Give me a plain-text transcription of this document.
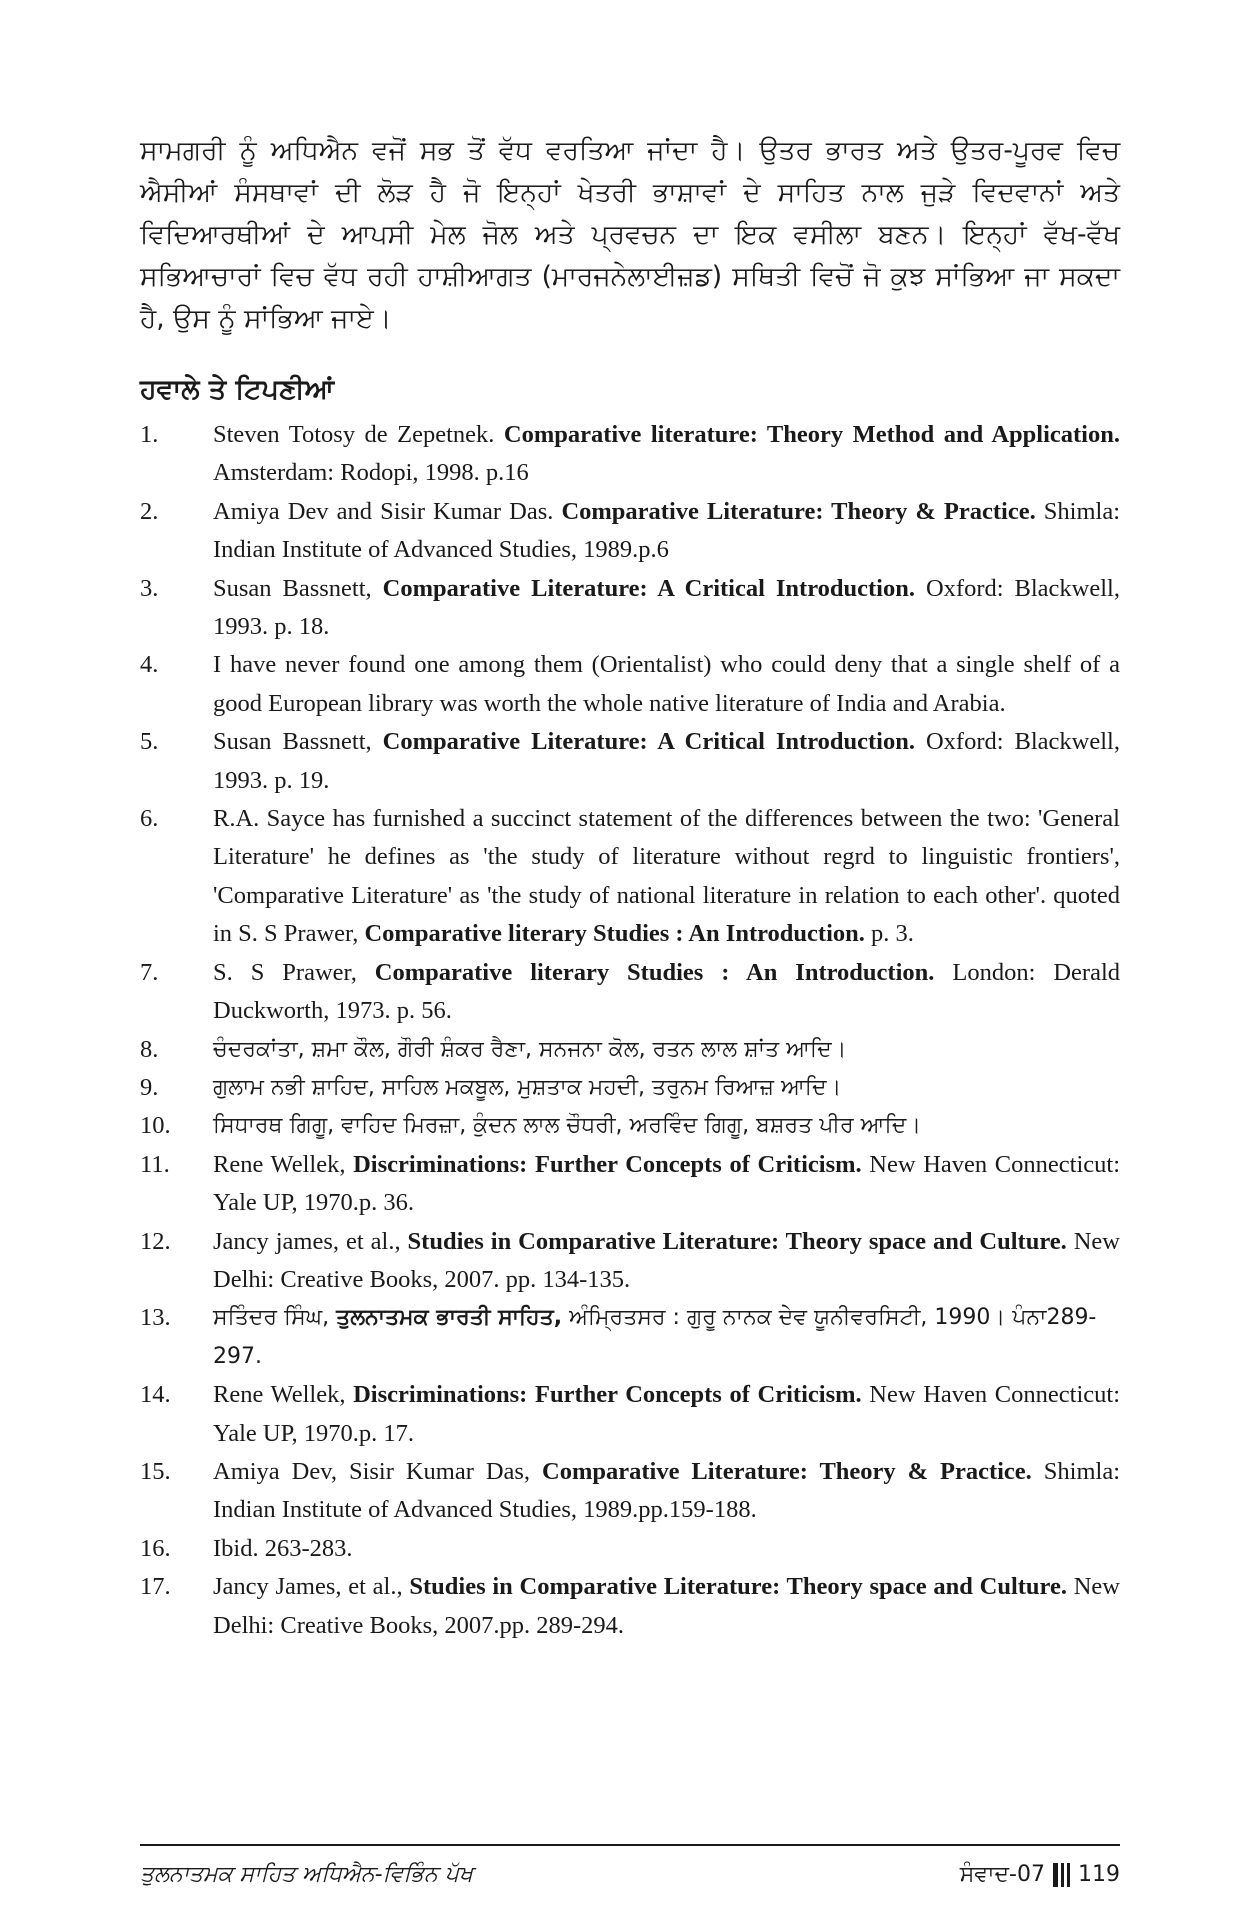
ਸਾਮਗਰੀ ਨੂੰ ਅਧਿਐਨ ਵਜੋਂ ਸਭ ਤੋਂ ਵੱਧ ਵਰਤਿਆ ਜਾਂਦਾ ਹੈ। ਉਤਰ ਭਾਰਤ ਅਤੇ ਉਤਰ-ਪੂਰਵ ਵਿਚ ਐਸੀਆਂ ਸੰਸਥਾਵਾਂ ਦੀ ਲੋੜ ਹੈ ਜੋ ਇਨ੍ਹਾਂ ਖੇਤਰੀ ਭਾਸ਼ਾਵਾਂ ਦੇ ਸਾਹਿਤ ਨਾਲ ਜੁੜੇ ਵਿਦਵਾਨਾਂ ਅਤੇ ਵਿਦਿਆਰਥੀਆਂ ਦੇ ਆਪਸੀ ਮੇਲ ਜੋਲ ਅਤੇ ਪ੍ਰਵਚਨ ਦਾ ਇਕ ਵਸੀਲਾ ਬਣਨ। ਇਨ੍ਹਾਂ ਵੱਖ-ਵੱਖ ਸਭਿਆਚਾਰਾਂ ਵਿਚ ਵੱਧ ਰਹੀ ਹਾਸ਼ੀਆਗਤ (ਮਾਰਜਨੇਲਾਈਜ਼ਡ) ਸਥਿਤੀ ਵਿਚੋਂ ਜੋ ਕੁਝ ਸਾਂਭਿਆ ਜਾ ਸਕਦਾ ਹੈ, ਉਸ ਨੂੰ ਸਾਂਭਿਆ ਜਾਏ।

ਹਵਾਲੇ ਤੇ ਟਿਪਣੀਆਂ
1.	Steven Totosy de Zepetnek. Comparative literature: Theory Method and Application. Amsterdam: Rodopi, 1998. p.16
2.	Amiya Dev and Sisir Kumar Das. Comparative Literature: Theory & Practice. Shimla: Indian Institute of Advanced Studies, 1989.p.6
3.	Susan Bassnett, Comparative Literature: A Critical Introduction. Oxford: Blackwell, 1993. p. 18.
4.	I have never found one among them (Orientalist) who could deny that a single shelf of a good European library was worth the whole native literature of India and Arabia.
5.	Susan Bassnett, Comparative Literature: A Critical Introduction. Oxford: Blackwell, 1993. p. 19.
6.	R.A. Sayce has furnished a succinct statement of the differences between the two: 'General Literature' he defines as 'the study of literature without regrd to linguistic frontiers', 'Comparative Literature' as 'the study of national literature in relation to each other'. quoted in S. S Prawer, Comparative literary Studies : An Introduction. p. 3.
7.	S. S Prawer, Comparative literary Studies : An Introduction. London: Derald Duckworth, 1973. p. 56.
8.	ਚੰਦਰਕਾਂਤਾ, ਸ਼ਮਾ ਕੌਲ, ਗੌਰੀ ਸ਼ੰਕਰ ਰੈਣਾ, ਸਨਜਨਾ ਕੋਲ, ਰਤਨ ਲਾਲ ਸ਼ਾਂਤ ਆਦਿ।
9.	ਗੁਲਾਮ ਨਭੀ ਸ਼ਾਹਿਦ, ਸਾਹਿਲ ਮਕਬੂਲ, ਮੁਸ਼ਤਾਕ ਮਹਦੀ, ਤਰੁਨਮ ਰਿਆਜ਼ ਆਦਿ।
10.	ਸਿਧਾਰਥ ਗਿਗੂ, ਵਾਹਿਦ ਮਿਰਜ਼ਾ, ਕੁੰਦਨ ਲਾਲ ਚੌਧਰੀ, ਅਰਵਿੰਦ ਗਿਗੂ, ਬਸ਼ਰਤ ਪੀਰ ਆਦਿ।
11.	Rene Wellek, Discriminations: Further Concepts of Criticism. New Haven Connecticut: Yale UP, 1970.p. 36.
12.	Jancy james, et al., Studies in Comparative Literature: Theory space and Culture. New Delhi: Creative Books, 2007. pp. 134-135.
13.	ਸਤਿੰਦਰ ਸਿੰਘ, ਤੁਲਨਾਤਮਕ ਭਾਰਤੀ ਸਾਹਿਤ, ਅੰਮ੍ਰਿਤਸਰ : ਗੁਰੂ ਨਾਨਕ ਦੇਵ ਯੂਨੀਵਰਸਿਟੀ, 1990। ਪੰਨਾ289-297.
14.	Rene Wellek, Discriminations: Further Concepts of Criticism. New Haven Connecticut: Yale UP, 1970.p. 17.
15.	Amiya Dev, Sisir Kumar Das, Comparative Literature: Theory & Practice. Shimla: Indian Institute of Advanced Studies, 1989.pp.159-188.
16.	Ibid. 263-283.
17.	Jancy James, et al., Studies in Comparative Literature: Theory space and Culture. New Delhi: Creative Books, 2007.pp. 289-294.
ਤੁਲਨਾਤਮਕ ਸਾਹਿਤ ਅਧਿਐਨ-ਵਿਭਿੰਨ ਪੱਖ	ਸੰਵਾਦ-07 119
